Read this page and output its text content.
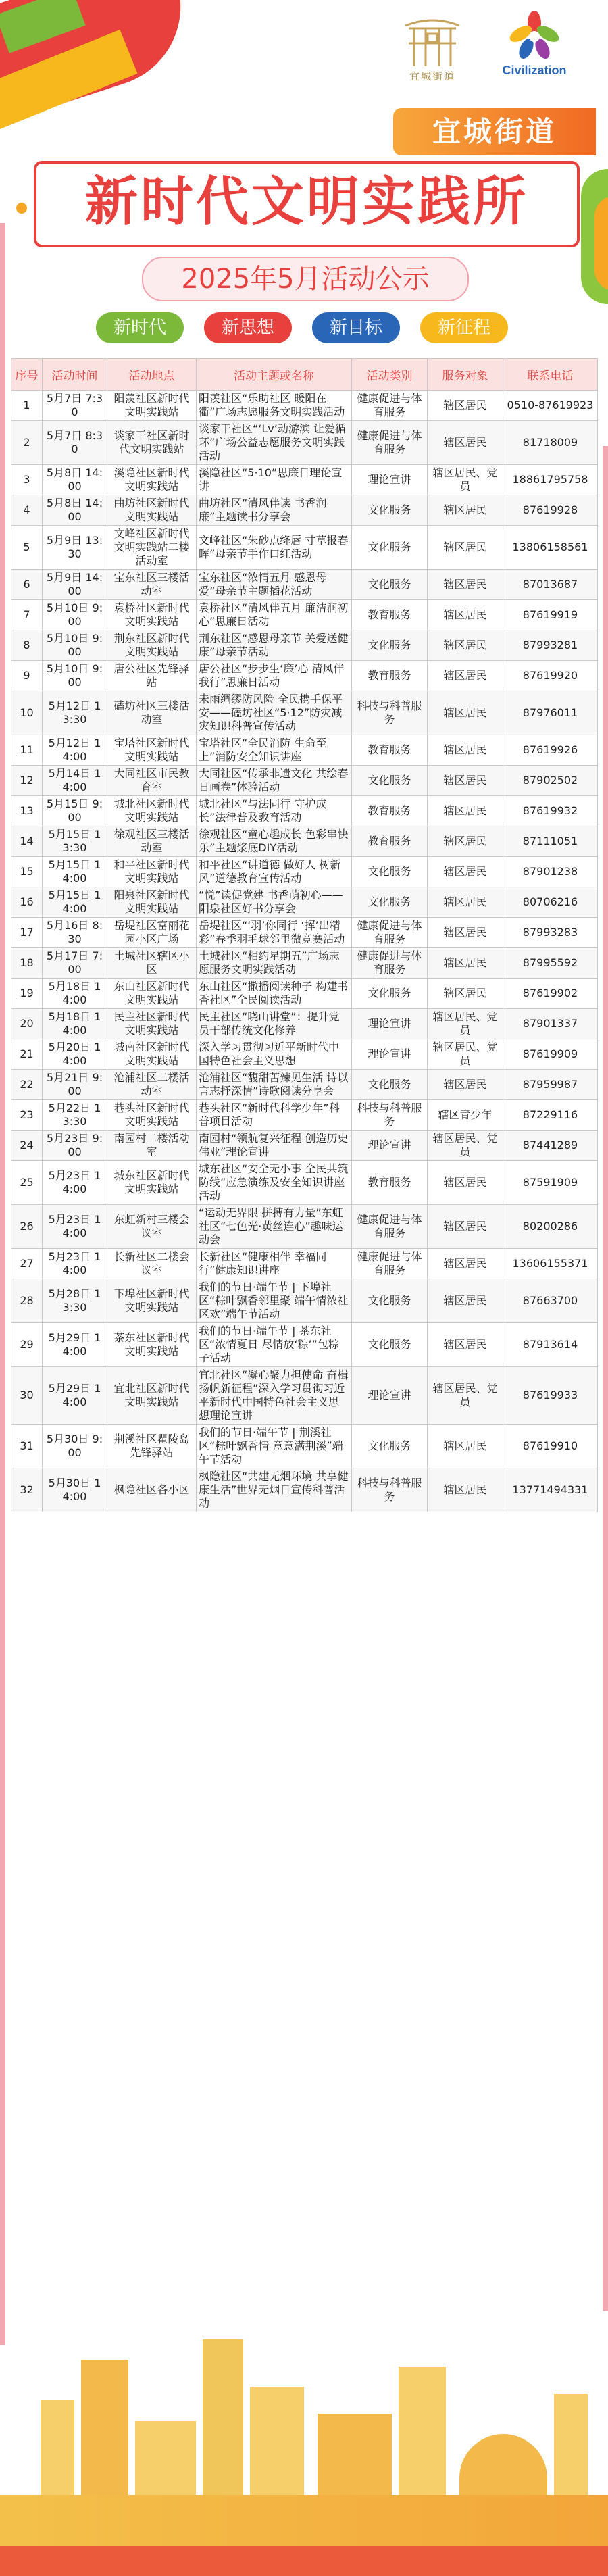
宜城街道	Civilization
宜城街道
新时代文明实践所
2025年5月活动公示
新时代	新思想	新目标	新征程
序号	活动时间	活动地点	活动主题或名称	活动类别	服务对象	联系电话
1	5月7日 7:30	阳羡社区新时代文明实践站	阳羡社区“乐助社区 暖阳在衢”广场志愿服务文明实践活动	健康促进与体育服务	辖区居民	0510-87619923
2	5月7日 8:30	谈家干社区新时代文明实践站	谈家干社区“‘Lv’动游滨 让爱循环”广场公益志愿服务文明实践活动	健康促进与体育服务	辖区居民	81718009
3	5月8日 14:00	溪隐社区新时代文明实践站	溪隐社区“5·10”思廉日理论宣讲	理论宣讲	辖区居民、党员	18861795758
4	5月8日 14:00	曲坊社区新时代文明实践站	曲坊社区“清风伴读 书香润廉”主题读书分享会	文化服务	辖区居民	87619928
5	5月9日 13:30	文峰社区新时代文明实践站二楼活动室	文峰社区“朱砂点绛唇 寸草报春晖”母亲节手作口红活动	文化服务	辖区居民	13806158561
6	5月9日 14:00	宝东社区三楼活动室	宝东社区“浓情五月 感恩母爱”母亲节主题插花活动	文化服务	辖区居民	87013687
7	5月10日 9:00	袁桥社区新时代文明实践站	袁桥社区“清风伴五月 廉洁润初心”思廉日活动	教育服务	辖区居民	87619919
8	5月10日 9:00	荆东社区新时代文明实践站	荆东社区“感恩母亲节 关爱送健康”母亲节活动	文化服务	辖区居民	87993281
9	5月10日 9:00	唐公社区先锋驿站	唐公社区“步步生‘廉’心 清风伴我行”思廉日活动	教育服务	辖区居民	87619920
10	5月12日 13:30	磕坊社区三楼活动室	未雨绸缪防风险 全民携手保平安——磕坊社区“5·12”防灾减灾知识科普宣传活动	科技与科普服务	辖区居民	87976011
11	5月12日 14:00	宝塔社区新时代文明实践站	宝塔社区“全民消防 生命至上”消防安全知识讲座	教育服务	辖区居民	87619926
12	5月14日 14:00	大同社区市民教育室	大同社区“传承非遗文化 共绘春日画卷”体验活动	文化服务	辖区居民	87902502
13	5月15日 9:00	城北社区新时代文明实践站	城北社区“与法同行 守护成长”法律普及教育活动	教育服务	辖区居民	87619932
14	5月15日 13:30	徐观社区三楼活动室	徐观社区“童心趣成长 色彩串快乐”主题浆底DIY活动	教育服务	辖区居民	87111051
15	5月15日 14:00	和平社区新时代文明实践站	和平社区“讲道德 做好人 树新风”道德教育宣传活动	文化服务	辖区居民	87901238
16	5月15日 14:00	阳泉社区新时代文明实践站	“悦”读促党建 书香萌初心——阳泉社区好书分享会	文化服务	辖区居民	80706216
17	5月16日 8:30	岳堤社区富丽花园小区广场	岳堤社区“‘羽’你同行 ‘挥’出精彩”春季羽毛球邻里微竞赛活动	健康促进与体育服务	辖区居民	87993283
18	5月17日 7:00	土城社区辖区小区	土城社区“相约星期五”广场志愿服务文明实践活动	健康促进与体育服务	辖区居民	87995592
19	5月18日 14:00	东山社区新时代文明实践站	东山社区“撒播阅读种子 构建书香社区”全民阅读活动	文化服务	辖区居民	87619902
20	5月18日 14:00	民主社区新时代文明实践站	民主社区“晓山讲堂”：提升党员干部传统文化修养	理论宣讲	辖区居民、党员	87901337
21	5月20日 14:00	城南社区新时代文明实践站	深入学习贯彻习近平新时代中国特色社会主义思想	理论宣讲	辖区居民、党员	87619909
22	5月21日 9:00	沧浦社区二楼活动室	沧浦社区“馥甜苦辣见生活 诗以言志抒深情”诗歌阅读分享会	文化服务	辖区居民	87959987
23	5月22日 13:30	巷头社区新时代文明实践站	巷头社区“新时代科学少年”科普项目活动	科技与科普服务	辖区青少年	87229116
24	5月23日 9:00	南园村二楼活动室	南园村“领航复兴征程 创造历史伟业”理论宣讲	理论宣讲	辖区居民、党员	87441289
25	5月23日 14:00	城东社区新时代文明实践站	城东社区“安全无小事 全民共筑防线”应急演练及安全知识讲座活动	教育服务	辖区居民	87591909
26	5月23日 14:00	东虹新村三楼会议室	“运动无界限 拼搏有力量”东虹社区“七色光·黄丝连心”趣味运动会	健康促进与体育服务	辖区居民	80200286
27	5月23日 14:00	长新社区二楼会议室	长新社区“健康相伴 幸福同行”健康知识讲座	健康促进与体育服务	辖区居民	13606155371
28	5月28日 13:30	下埠社区新时代文明实践站	我们的节日·端午节 | 下埠社区“粽叶飘香邻里聚 端午情浓社区欢”端午节活动	文化服务	辖区居民	87663700
29	5月29日 14:00	茶东社区新时代文明实践站	我们的节日·端午节 | 茶东社区“浓情夏日 尽情放‘粽’”包粽子活动	文化服务	辖区居民	87913614
30	5月29日 14:00	宜北社区新时代文明实践站	宜北社区“凝心聚力担使命 奋楫扬帆新征程”深入学习贯彻习近平新时代中国特色社会主义思想理论宣讲	理论宣讲	辖区居民、党员	87619933
31	5月30日 9:00	荆溪社区瞿陵岛先锋驿站	我们的节日·端午节 | 荆溪社区“粽叶飘香情 意意满荆溪”端午节活动	文化服务	辖区居民	87619910
32	5月30日 14:00	枫隐社区各小区	枫隐社区“共建无烟环境 共享健康生活”世界无烟日宣传科普活动	科技与科普服务	辖区居民	13771494331
